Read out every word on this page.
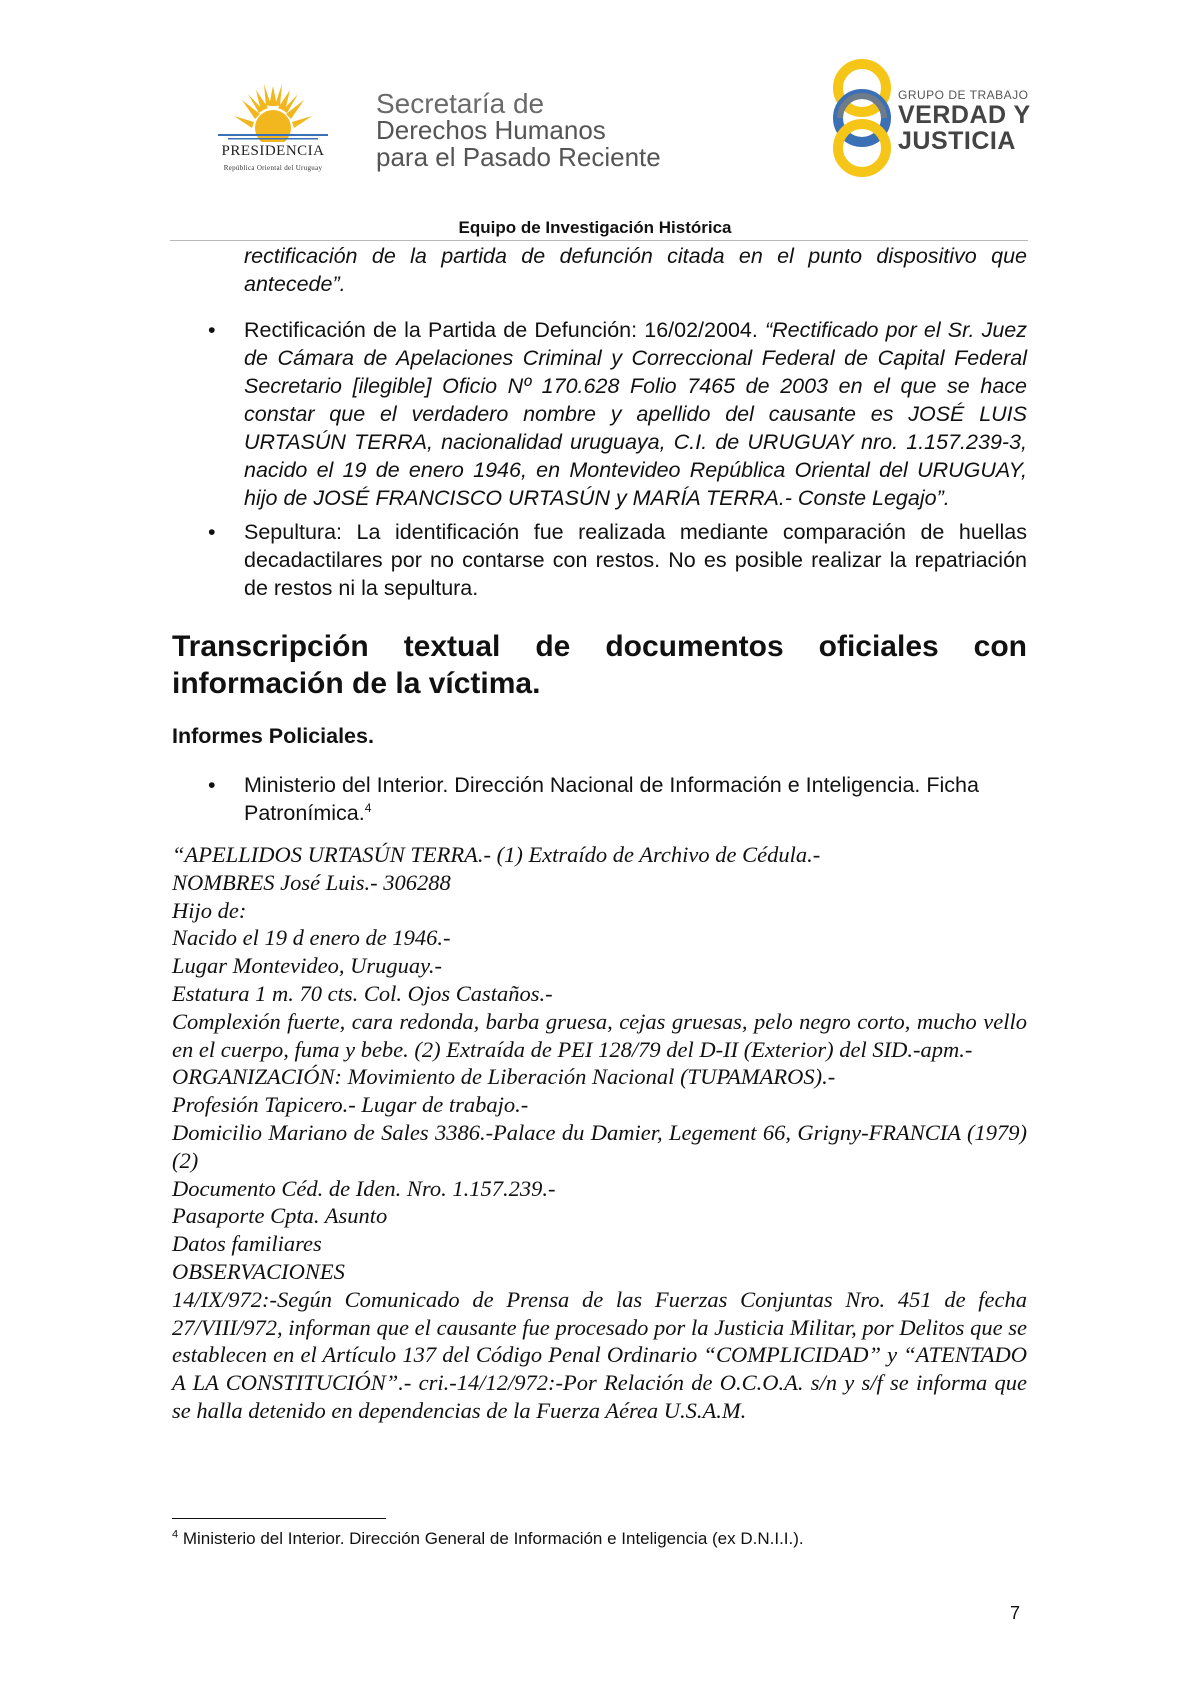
PRESIDENCIA
República Oriental del Uruguay
Secretaría de
Derechos Humanos
para el Pasado Reciente
GRUPO DE TRABAJO
VERDAD Y
JUSTICIA
Equipo de Investigación Histórica
rectificación de la partida de defunción citada en el punto dispositivo que antecede”.
• Rectificación de la Partida de Defunción: 16/02/2004. “Rectificado por el Sr. Juez de Cámara de Apelaciones Criminal y Correccional Federal de Capital Federal Secretario [ilegible] Oficio Nº 170.628 Folio 7465 de 2003 en el que se hace constar que el verdadero nombre y apellido del causante es JOSÉ LUIS URTASÚN TERRA, nacionalidad uruguaya, C.I. de URUGUAY nro. 1.157.239-3, nacido el 19 de enero 1946, en Montevideo República Oriental del URUGUAY, hijo de JOSÉ FRANCISCO URTASÚN y MARÍA TERRA.- Conste Legajo”.
• Sepultura: La identificación fue realizada mediante comparación de huellas decadactilares por no contarse con restos. No es posible realizar la repatriación de restos ni la sepultura.
Transcripción textual de documentos oficiales con información de la víctima.
Informes Policiales.
• Ministerio del Interior. Dirección Nacional de Información e Inteligencia. Ficha Patronímica.$^4$
“APELLIDOS URTASÚN TERRA.- (1) Extraído de Archivo de Cédula.-
NOMBRES José Luis.- 306288
Hijo de:
Nacido el 19 d enero de 1946.-
Lugar Montevideo, Uruguay.-
Estatura 1 m. 70 cts. Col. Ojos Castaños.-
Complexión fuerte, cara redonda, barba gruesa, cejas gruesas, pelo negro corto, mucho vello en el cuerpo, fuma y bebe. (2) Extraída de PEI 128/79 del D-II (Exterior) del SID.-apm.-
ORGANIZACIÓN: Movimiento de Liberación Nacional (TUPAMAROS).-
Profesión Tapicero.- Lugar de trabajo.-
Domicilio Mariano de Sales 3386.-Palace du Damier, Legement 66, Grigny-FRANCIA (1979) (2)
Documento Céd. de Iden. Nro. 1.157.239.-
Pasaporte Cpta. Asunto
Datos familiares
OBSERVACIONES
14/IX/972:-Según Comunicado de Prensa de las Fuerzas Conjuntas Nro. 451 de fecha 27/VIII/972, informan que el causante fue procesado por la Justicia Militar, por Delitos que se establecen en el Artículo 137 del Código Penal Ordinario “COMPLICIDAD” y “ATENTADO A LA CONSTITUCIÓN”.- cri.-14/12/972:-Por Relación de O.C.O.A. s/n y s/f se informa que se halla detenido en dependencias de la Fuerza Aérea U.S.A.M.
$^4$ Ministerio del Interior. Dirección General de Información e Inteligencia (ex D.N.I.I.).
7
